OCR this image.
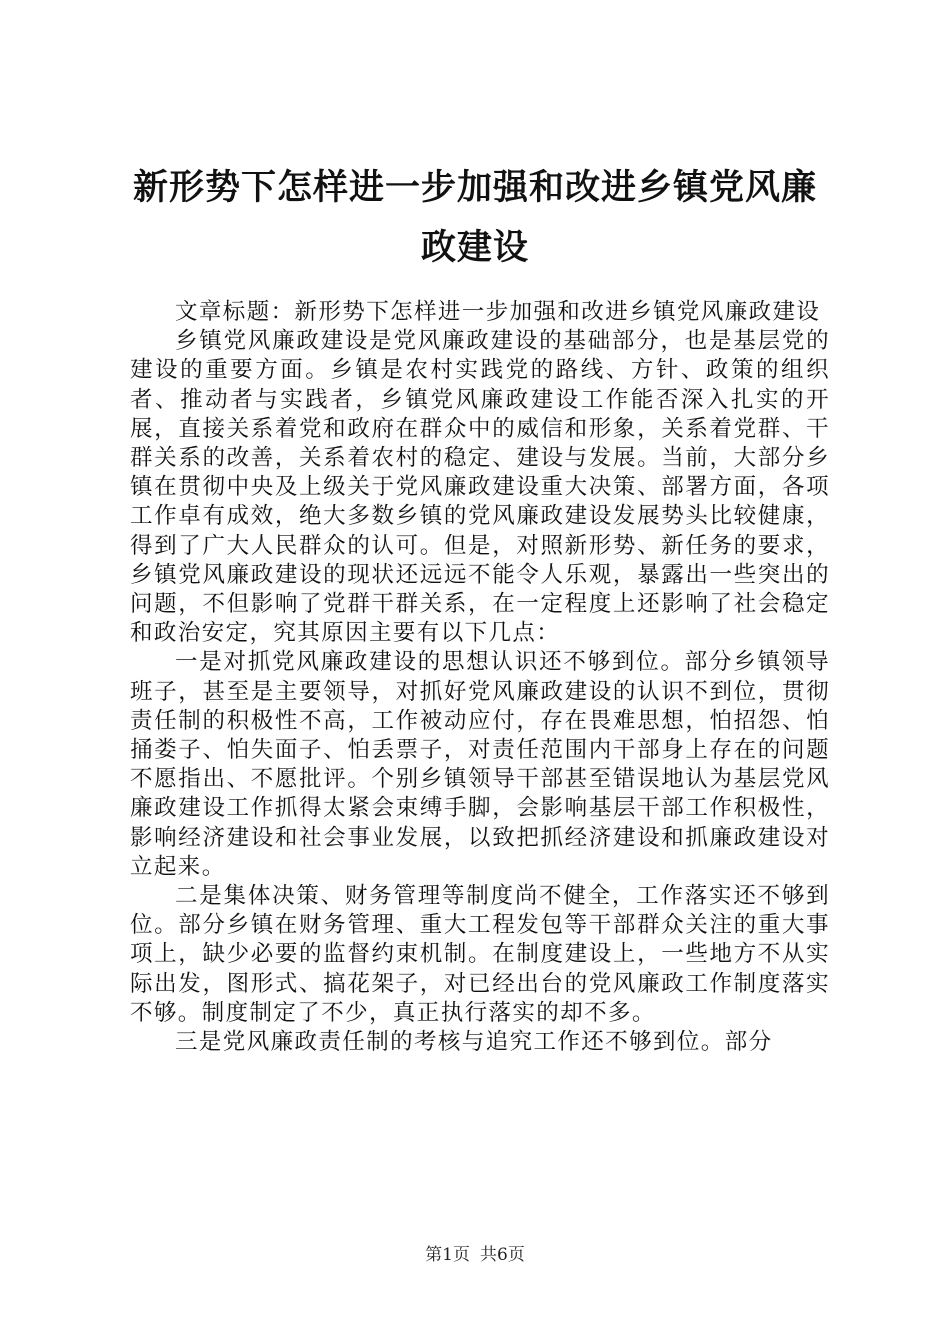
新形势下怎样进一步加强和改进乡镇党风廉政建设

文章标题：新形势下怎样进一步加强和改进乡镇党风廉政建设

乡镇党风廉政建设是党风廉政建设的基础部分，也是基层党的建设的重要方面。乡镇是农村实践党的路线、方针、政策的组织者、推动者与实践者，乡镇党风廉政建设工作能否深入扎实的开展，直接关系着党和政府在群众中的威信和形象，关系着党群、干群关系的改善，关系着农村的稳定、建设与发展。当前，大部分乡镇在贯彻中央及上级关于党风廉政建设重大决策、部署方面，各项工作卓有成效，绝大多数乡镇的党风廉政建设发展势头比较健康，得到了广大人民群众的认可。但是，对照新形势、新任务的要求，乡镇党风廉政建设的现状还远远不能令人乐观，暴露出一些突出的问题，不但影响了党群干群关系，在一定程度上还影响了社会稳定和政治安定，究其原因主要有以下几点：

一是对抓党风廉政建设的思想认识还不够到位。部分乡镇领导班子，甚至是主要领导，对抓好党风廉政建设的认识不到位，贯彻责任制的积极性不高，工作被动应付，存在畏难思想，怕招怨、怕捅娄子、怕失面子、怕丢票子，对责任范围内干部身上存在的问题不愿指出、不愿批评。个别乡镇领导干部甚至错误地认为基层党风廉政建设工作抓得太紧会束缚手脚，会影响基层干部工作积极性，影响经济建设和社会事业发展，以致把抓经济建设和抓廉政建设对立起来。

二是集体决策、财务管理等制度尚不健全，工作落实还不够到位。部分乡镇在财务管理、重大工程发包等干部群众关注的重大事项上，缺少必要的监督约束机制。在制度建设上，一些地方不从实际出发，图形式、搞花架子，对已经出台的党风廉政工作制度落实不够。制度制定了不少，真正执行落实的却不多。

三是党风廉政责任制的考核与追究工作还不够到位。部分

第1页 共6页
